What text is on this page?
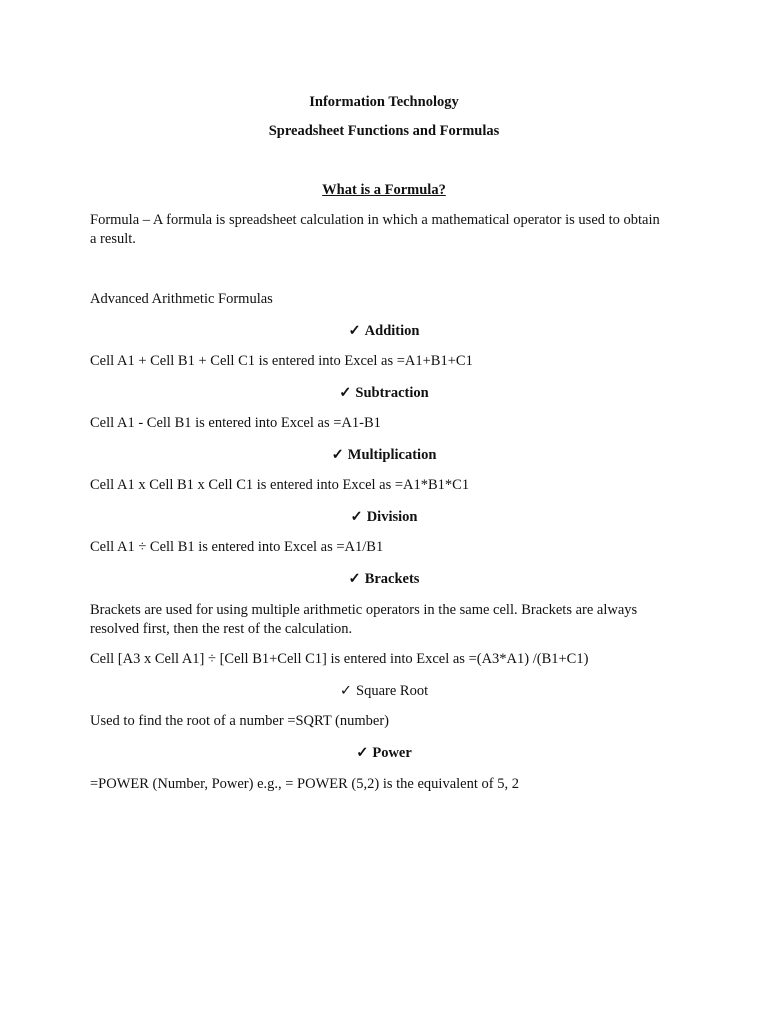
Information Technology
Spreadsheet Functions and Formulas
What is a Formula?
Formula – A formula is spreadsheet calculation in which a mathematical operator is used to obtain a result.
Advanced Arithmetic Formulas
✓ Addition
Cell A1 + Cell B1 + Cell C1 is entered into Excel as =A1+B1+C1
✓ Subtraction
Cell A1 - Cell B1 is entered into Excel as =A1-B1
✓ Multiplication
Cell A1 x Cell B1 x Cell C1 is entered into Excel as =A1*B1*C1
✓ Division
Cell A1 ÷ Cell B1 is entered into Excel as =A1/B1
✓ Brackets
Brackets are used for using multiple arithmetic operators in the same cell. Brackets are always resolved first, then the rest of the calculation.
Cell [A3 x Cell A1] ÷ [Cell B1+Cell C1] is entered into Excel as =(A3*A1) /(B1+C1)
✓ Square Root
Used to find the root of a number =SQRT (number)
✓ Power
=POWER (Number, Power) e.g., = POWER (5,2) is the equivalent of 5, 2
